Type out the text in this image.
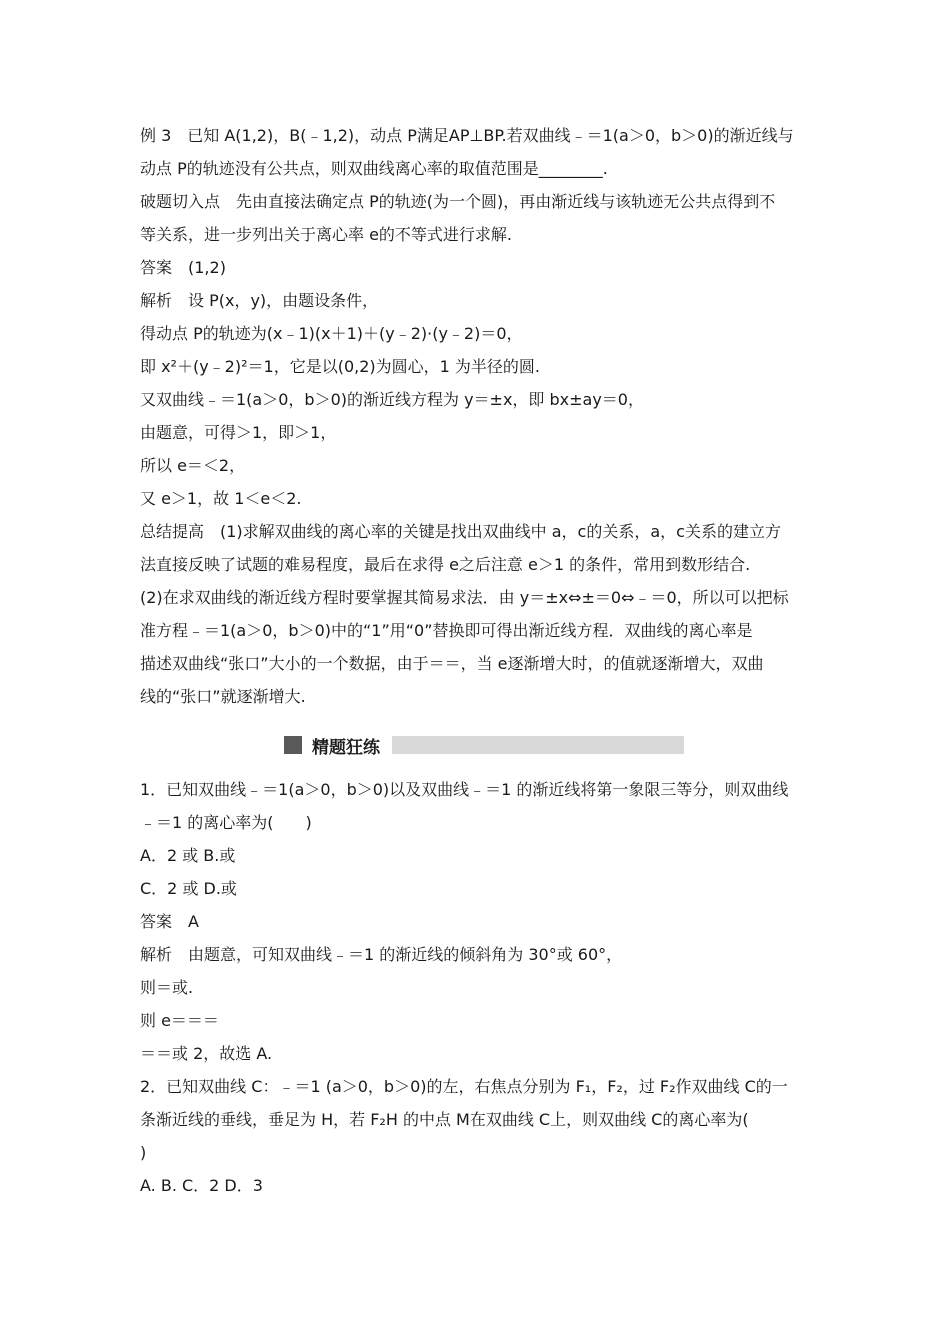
例 3　已知 A(1,2)，B(﹣1,2)，动点 P满足AP⊥BP.若双曲线﹣＝1(a＞0，b＞0)的渐近线与
动点 P的轨迹没有公共点，则双曲线离心率的取值范围是________.
破题切入点　先由直接法确定点 P的轨迹(为一个圆)，再由渐近线与该轨迹无公共点得到不
等关系，进一步列出关于离心率 e的不等式进行求解.
答案　(1,2)
解析　设 P(x，y)，由题设条件，
得动点 P的轨迹为(x﹣1)(x＋1)＋(y﹣2)·(y﹣2)＝0，
即 x²＋(y﹣2)²＝1，它是以(0,2)为圆心，1 为半径的圆.
又双曲线﹣＝1(a＞0，b＞0)的渐近线方程为 y＝±x，即 bx±ay＝0，
由题意，可得＞1，即＞1，
所以 e＝＜2，
又 e＞1，故 1＜e＜2.
总结提高　(1)求解双曲线的离心率的关键是找出双曲线中 a，c的关系，a，c关系的建立方
法直接反映了试题的难易程度，最后在求得 e之后注意 e＞1 的条件，常用到数形结合.
(2)在求双曲线的渐近线方程时要掌握其简易求法．由 y＝±x⇔±＝0⇔﹣＝0，所以可以把标
准方程﹣＝1(a＞0，b＞0)中的“1”用“0”替换即可得出渐近线方程．双曲线的离心率是
描述双曲线“张口”大小的一个数据，由于＝＝，当 e逐渐增大时，的值就逐渐增大，双曲
线的“张口”就逐渐增大.
精题狂练
1．已知双曲线﹣＝1(a＞0，b＞0)以及双曲线﹣＝1 的渐近线将第一象限三等分，则双曲线
﹣＝1 的离心率为(　　)
A．2 或 B.或
C．2 或 D.或
答案　A
解析　由题意，可知双曲线﹣＝1 的渐近线的倾斜角为 30°或 60°，
则＝或.
则 e＝＝＝
＝＝或 2，故选 A.
2．已知双曲线 C：﹣＝1 (a＞0，b＞0)的左，右焦点分别为 F₁，F₂，过 F₂作双曲线 C的一
条渐近线的垂线，垂足为 H，若 F₂H 的中点 M在双曲线 C上，则双曲线 C的离心率为(
)
A. B. C．2 D．3
